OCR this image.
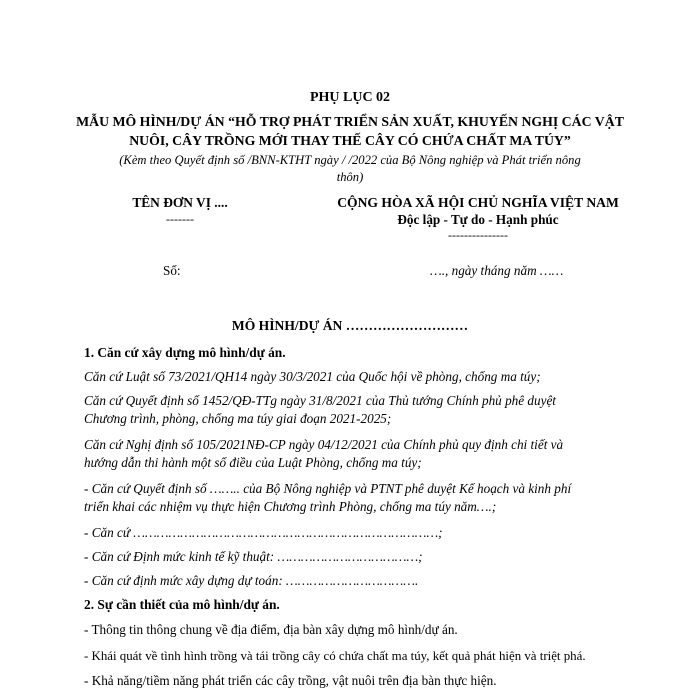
PHỤ LỤC 02
MẪU MÔ HÌNH/DỰ ÁN “HỖ TRỢ PHÁT TRIỂN SẢN XUẤT, KHUYẾN NGHỊ CÁC VẬT
NUÔI, CÂY TRỒNG MỚI THAY THẾ CÂY CÓ CHỨA CHẤT MA TÚY”
(Kèm theo Quyết định số /BNN-KTHT ngày / /2022 của Bộ Nông nghiệp và Phát triển nông
thôn)
TÊN ĐƠN VỊ ....
-------
CỘNG HÒA XÃ HỘI CHỦ NGHĨA VIỆT NAM
Độc lập - Tự do - Hạnh phúc
---------------
Số:	…., ngày tháng năm ……
MÔ HÌNH/DỰ ÁN ………………………
1. Căn cứ xây dựng mô hình/dự án.
Căn cứ Luật số 73/2021/QH14 ngày 30/3/2021 của Quốc hội về phòng, chống ma túy;
Căn cứ Quyết định số 1452/QĐ-TTg ngày 31/8/2021 của Thủ tướng Chính phủ phê duyệt
Chương trình, phòng, chống ma túy giai đoạn 2021-2025;
Căn cứ Nghị định số 105/2021NĐ-CP ngày 04/12/2021 của Chính phủ quy định chi tiết và
hướng dẫn thi hành một số điều của Luật Phòng, chống ma túy;
- Căn cứ Quyết định số …….. của Bộ Nông nghiệp và PTNT phê duyệt Kế hoạch và kinh phí
triển khai các nhiệm vụ thực hiện Chương trình Phòng, chống ma túy năm….;
- Căn cứ ……………………………………………………………………;
- Căn cứ Định mức kinh tế kỹ thuật: ………………………………;
- Căn cứ định mức xây dựng dự toán: …………………………….
2. Sự cần thiết của mô hình/dự án.
- Thông tin thông chung về địa điểm, địa bàn xây dựng mô hình/dự án.
- Khái quát về tình hình trồng và tái trồng cây có chứa chất ma túy, kết quả phát hiện và triệt phá.
- Khả năng/tiềm năng phát triển các cây trồng, vật nuôi trên địa bàn thực hiện.
